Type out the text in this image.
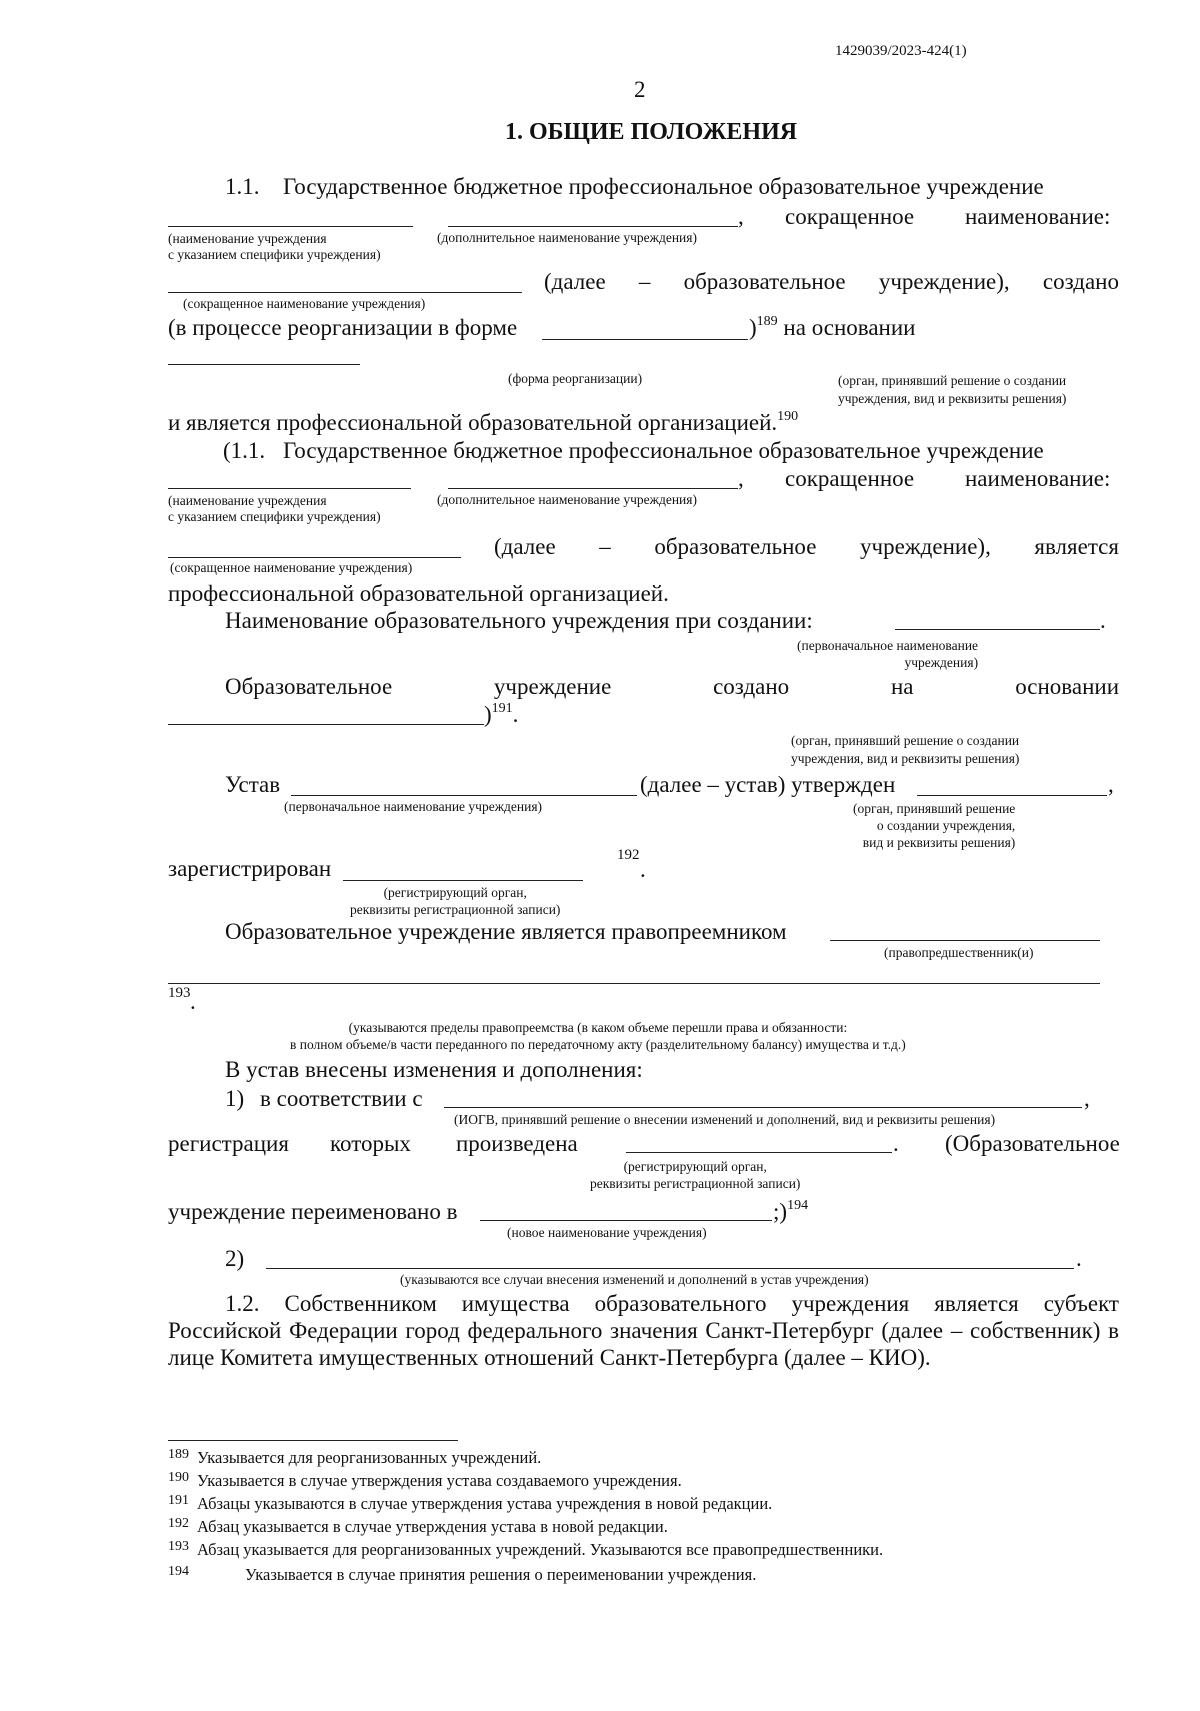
1429039/2023-424(1)
2
1. ОБЩИЕ ПОЛОЖЕНИЯ
1.1. Государственное бюджетное профессиональное образовательное учреждение
, сокращенное наименование:
(наименование учреждения
с указанием специфики учреждения)
(дополнительное наименование учреждения)
(далее – образовательное учреждение), создано
(сокращенное наименование учреждения)
(в процессе реорганизации в форме	)$^{189}$ на основании
(форма реорганизации)	(орган, принявший решение о создании
учреждения, вид и реквизиты решения)
и является профессиональной образовательной организацией.$^{190}$
(1.1. Государственное бюджетное профессиональное образовательное учреждение
, сокращенное наименование:
(наименование учреждения
с указанием специфики учреждения)
(дополнительное наименование учреждения)
(далее – образовательное учреждение), является
(сокращенное наименование учреждения)
профессиональной образовательной организацией.
Наименование образовательного учреждения при создании:	.
(первоначальное наименование
учреждения)
Образовательное	учреждение	создано	на	основании
)$^{191}$.
(орган, принявший решение о создании
учреждения, вид и реквизиты решения)
Устав	(далее – устав) утвержден	,
(первоначальное наименование учреждения)	(орган, принявший решение
о создании учреждения,
вид и реквизиты решения)
зарегистрирован
192
.
(регистрирующий орган,
реквизиты регистрационной записи)
Образовательное учреждение является правопреемником
(правопредшественник(и)
193 .
(указываются пределы правопреемства (в каком объеме перешли права и обязанности:
в полном объеме/в части переданного по передаточному акту (разделительному балансу) имущества и т.д.)
В устав внесены изменения и дополнения:
1) в соответствии с	,
(ИОГВ, принявший решение о внесении изменений и дополнений, вид и реквизиты решения)
регистрация которых произведена	. (Образовательное
(регистрирующий орган,
реквизиты регистрационной записи)
учреждение переименовано в	;)$^{194}$
(новое наименование учреждения)
2)	.
(указываются все случаи внесения изменений и дополнений в устав учреждения)
1.2. Собственником имущества образовательного учреждения является субъект Российской Федерации город федерального значения Санкт-Петербург (далее – собственник) в лице Комитета имущественных отношений Санкт-Петербурга (далее – КИО).
189 Указывается для реорганизованных учреждений.
190 Указывается в случае утверждения устава создаваемого учреждения.
191 Абзацы указываются в случае утверждения устава учреждения в новой редакции.
192 Абзац указывается в случае утверждения устава в новой редакции.
193 Абзац указывается для реорганизованных учреждений. Указываются все правопредшественники.
194	Указывается в случае принятия решения о переименовании учреждения.
